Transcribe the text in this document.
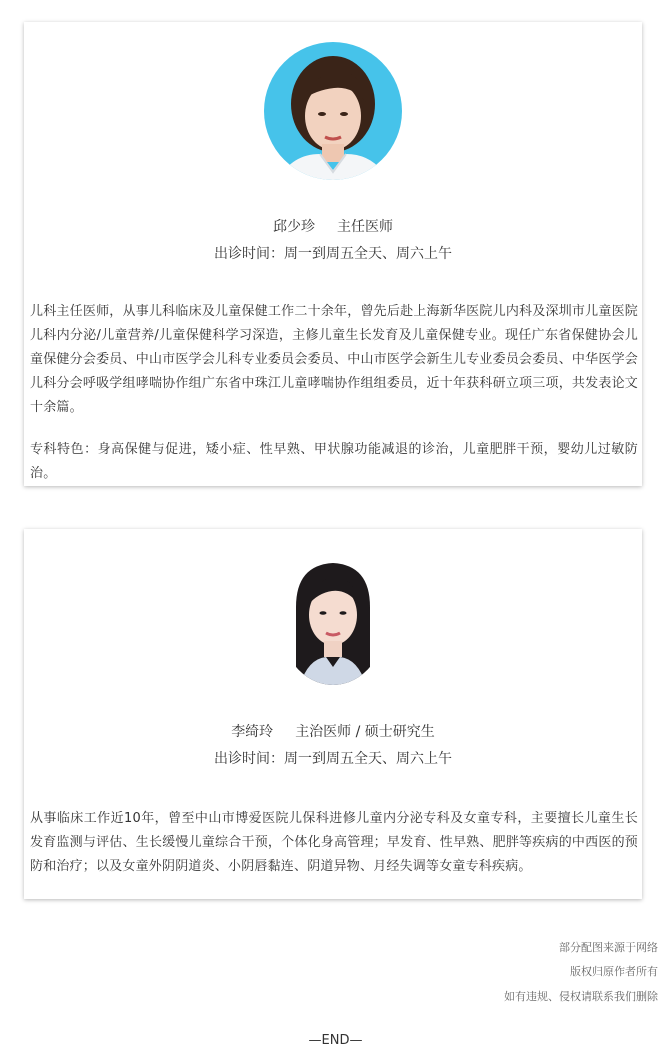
邱少珍 主任医师
出诊时间：周一到周五全天、周六上午
儿科主任医师，从事儿科临床及儿童保健工作二十余年，曾先后赴上海新华医院儿内科及深圳市儿童医院儿科内分泌/儿童营养/儿童保健科学习深造，主修儿童生长发育及儿童保健专业。现任广东省保健协会儿童保健分会委员、中山市医学会儿科专业委员会委员、中山市医学会新生儿专业委员会委员、中华医学会儿科分会呼吸学组哮喘协作组广东省中珠江儿童哮喘协作组组委员，近十年获科研立项三项，共发表论文十余篇。
专科特色：身高保健与促进，矮小症、性早熟、甲状腺功能减退的诊治，儿童肥胖干预，婴幼儿过敏防治。
李绮玲 主治医师 / 硕士研究生
出诊时间：周一到周五全天、周六上午
从事临床工作近10年，曾至中山市博爱医院儿保科进修儿童内分泌专科及女童专科，主要擅长儿童生长发育监测与评估、生长缓慢儿童综合干预，个体化身高管理；早发育、性早熟、肥胖等疾病的中西医的预防和治疗；以及女童外阴阴道炎、小阴唇黏连、阴道异物、月经失调等女童专科疾病。
部分配图来源于网络
版权归原作者所有
如有违规、侵权请联系我们删除
—END—
